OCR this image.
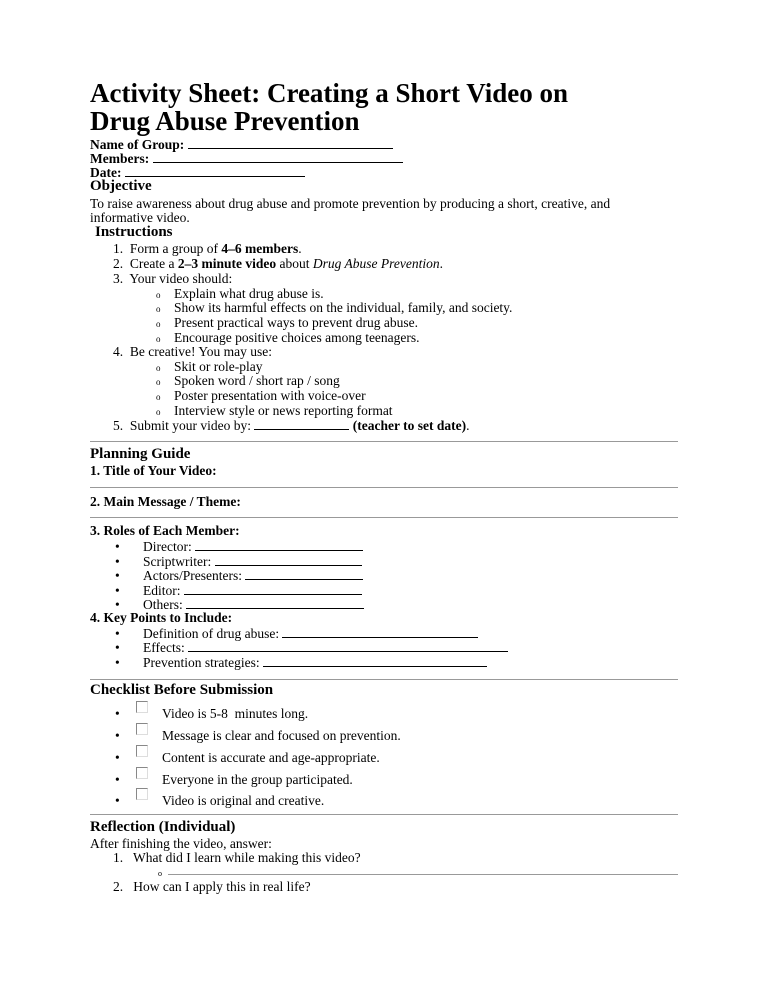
Activity Sheet: Creating a Short Video on
Drug Abuse Prevention
Name of Group:
Members:
Date:
Objective
To raise awareness about drug abuse and promote prevention by producing a short, creative, and
informative video.
Instructions
1. Form a group of 4–6 members.
2. Create a 2–3 minute video about Drug Abuse Prevention.
3. Your video should:
o Explain what drug abuse is.
o Show its harmful effects on the individual, family, and society.
o Present practical ways to prevent drug abuse.
o Encourage positive choices among teenagers.
4. Be creative! You may use:
o Skit or role-play
o Spoken word / short rap / song
o Poster presentation with voice-over
o Interview style or news reporting format
5. Submit your video by:	(teacher to set date).
Planning Guide
1. Title of Your Video:
2. Main Message / Theme:
3. Roles of Each Member:
• Director:
• Scriptwriter:
• Actors/Presenters:
• Editor:
• Others:
4. Key Points to Include:
• Definition of drug abuse:
• Effects:
• Prevention strategies:
Checklist Before Submission
•	Video is 5-8  minutes long.
•	Message is clear and focused on prevention.
•	Content is accurate and age-appropriate.
•	Everyone in the group participated.
•	Video is original and creative.
Reflection (Individual)
After finishing the video, answer:
1.   What did I learn while making this video?
o
2.   How can I apply this in real life?
